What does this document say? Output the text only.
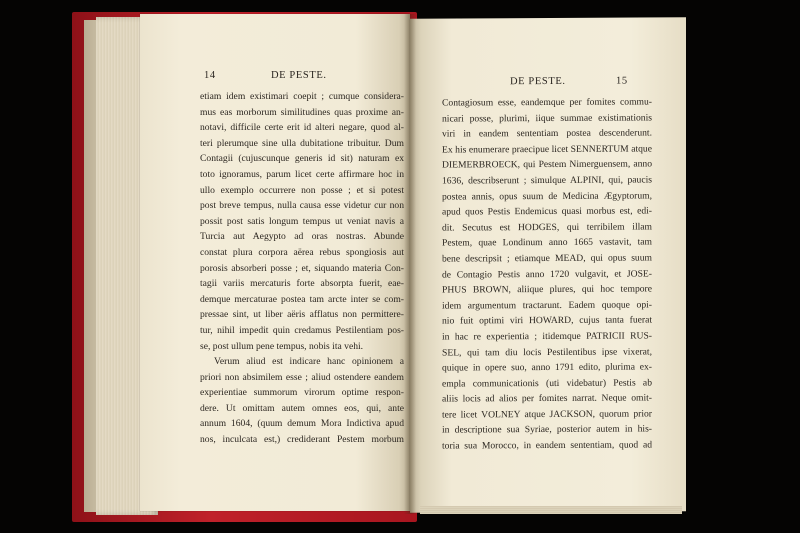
14	DE PESTE.
etiam idem existimari coepit ; cumque considera-
mus eas morborum similitudines quas proxime an-
notavi, difficile certe erit id alteri negare, quod al-
teri plerumque sine ulla dubitatione tribuitur. Dum
Contagii (cujuscunque generis id sit) naturam ex
toto ignoramus, parum licet certe affirmare hoc in
ullo exemplo occurrere non posse ; et si potest
post breve tempus, nulla causa esse videtur cur non
possit post satis longum tempus ut veniat navis a
Turcia aut Aegypto ad oras nostras. Abunde
constat plura corpora aërea rebus spongiosis aut
porosis absorberi posse ; et, siquando materia Con-
tagii variis mercaturis forte absorpta fuerit, eae-
demque mercaturae postea tam arcte inter se com-
pressae sint, ut liber aëris afflatus non permittere-
tur, nihil impedit quin credamus Pestilentiam pos-
se, post ullum pene tempus, nobis ita vehi.
Verum aliud est indicare hanc opinionem a
priori non absimilem esse ; aliud ostendere eandem
experientiae summorum virorum optime respon-
dere. Ut omittam autem omnes eos, qui, ante
annum 1604, (quum demum Mora Indictiva apud
nos, inculcata est,) crediderant Pestem morbum
DE PESTE.	15
Contagiosum esse, eandemque per fomites commu-
nicari posse, plurimi, iique summae existimationis
viri in eandem sententiam postea descenderunt.
Ex his enumerare praecipue licet SENNERTUM atque
DIEMERBROECK, qui Pestem Nimerguensem, anno
1636, describserunt ; simulque ALPINI, qui, paucis
postea annis, opus suum de Medicina Ægyptorum,
apud quos Pestis Endemicus quasi morbus est, edi-
dit. Secutus est HODGES, qui terribilem illam
Pestem, quae Londinum anno 1665 vastavit, tam
bene descripsit ; etiamque MEAD, qui opus suum
de Contagio Pestis anno 1720 vulgavit, et JOSE-
PHUS BROWN, aliique plures, qui hoc tempore
idem argumentum tractarunt. Eadem quoque opi-
nio fuit optimi viri HOWARD, cujus tanta fuerat
in hac re experientia ; itidemque PATRICII RUS-
SEL, qui tam diu locis Pestilentibus ipse vixerat,
quique in opere suo, anno 1791 edito, plurima ex-
empla communicationis (uti videbatur) Pestis ab
aliis locis ad alios per fomites narrat. Neque omit-
tere licet VOLNEY atque JACKSON, quorum prior
in descriptione sua Syriae, posterior autem in his-
toria sua Morocco, in eandem sententiam, quod ad
